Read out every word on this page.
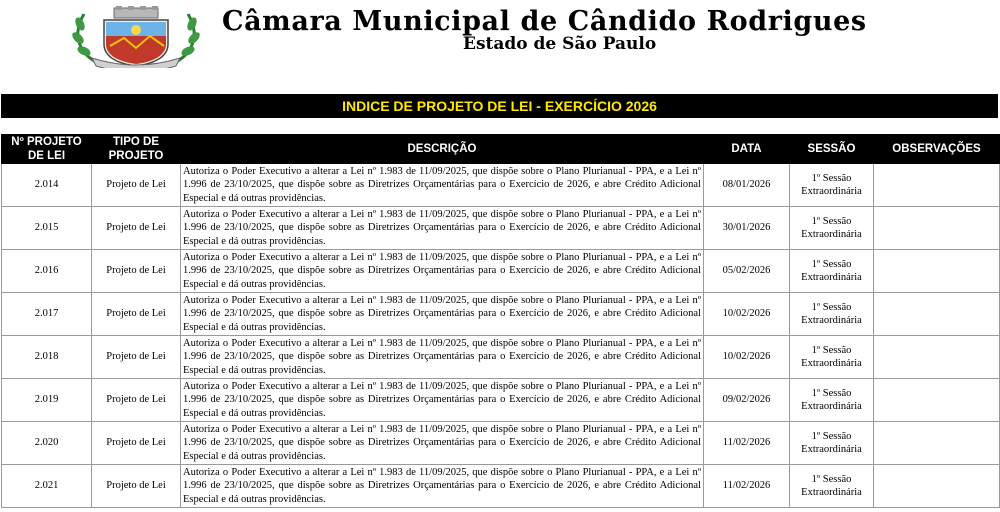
Câmara Municipal de Cândido Rodrigues
Estado de São Paulo
INDICE DE PROJETO DE LEI - EXERCÍCIO 2026
Nº PROJETO DE LEI	TIPO DE PROJETO	DESCRIÇÃO	DATA	SESSÃO	OBSERVAÇÕES
2.014	Projeto de Lei	Autoriza o Poder Executivo a alterar a Lei nº 1.983 de 11/09/2025, que dispõe sobre o Plano Plurianual - PPA, e a Lei nº 1.996 de 23/10/2025, que dispõe sobre as Diretrizes Orçamentárias para o Exercício de 2026, e abre Crédito Adicional Especial e dá outras providências.	08/01/2026	1º Sessão Extraordinária	
2.015	Projeto de Lei	Autoriza o Poder Executivo a alterar a Lei nº 1.983 de 11/09/2025, que dispõe sobre o Plano Plurianual - PPA, e a Lei nº 1.996 de 23/10/2025, que dispõe sobre as Diretrizes Orçamentárias para o Exercício de 2026, e abre Crédito Adicional Especial e dá outras providências.	30/01/2026	1º Sessão Extraordinária	
2.016	Projeto de Lei	Autoriza o Poder Executivo a alterar a Lei nº 1.983 de 11/09/2025, que dispõe sobre o Plano Plurianual - PPA, e a Lei nº 1.996 de 23/10/2025, que dispõe sobre as Diretrizes Orçamentárias para o Exercício de 2026, e abre Crédito Adicional Especial e dá outras providências.	05/02/2026	1º Sessão Extraordinária	
2.017	Projeto de Lei	Autoriza o Poder Executivo a alterar a Lei nº 1.983 de 11/09/2025, que dispõe sobre o Plano Plurianual - PPA, e a Lei nº 1.996 de 23/10/2025, que dispõe sobre as Diretrizes Orçamentárias para o Exercício de 2026, e abre Crédito Adicional Especial e dá outras providências.	10/02/2026	1º Sessão Extraordinária	
2.018	Projeto de Lei	Autoriza o Poder Executivo a alterar a Lei nº 1.983 de 11/09/2025, que dispõe sobre o Plano Plurianual - PPA, e a Lei nº 1.996 de 23/10/2025, que dispõe sobre as Diretrizes Orçamentárias para o Exercício de 2026, e abre Crédito Adicional Especial e dá outras providências.	10/02/2026	1º Sessão Extraordinária	
2.019	Projeto de Lei	Autoriza o Poder Executivo a alterar a Lei nº 1.983 de 11/09/2025, que dispõe sobre o Plano Plurianual - PPA, e a Lei nº 1.996 de 23/10/2025, que dispõe sobre as Diretrizes Orçamentárias para o Exercício de 2026, e abre Crédito Adicional Especial e dá outras providências.	09/02/2026	1º Sessão Extraordinária	
2.020	Projeto de Lei	Autoriza o Poder Executivo a alterar a Lei nº 1.983 de 11/09/2025, que dispõe sobre o Plano Plurianual - PPA, e a Lei nº 1.996 de 23/10/2025, que dispõe sobre as Diretrizes Orçamentárias para o Exercício de 2026, e abre Crédito Adicional Especial e dá outras providências.	11/02/2026	1º Sessão Extraordinária	
2.021	Projeto de Lei	Autoriza o Poder Executivo a alterar a Lei nº 1.983 de 11/09/2025, que dispõe sobre o Plano Plurianual - PPA, e a Lei nº 1.996 de 23/10/2025, que dispõe sobre as Diretrizes Orçamentárias para o Exercício de 2026, e abre Crédito Adicional Especial e dá outras providências.	11/02/2026	1º Sessão Extraordinária	
